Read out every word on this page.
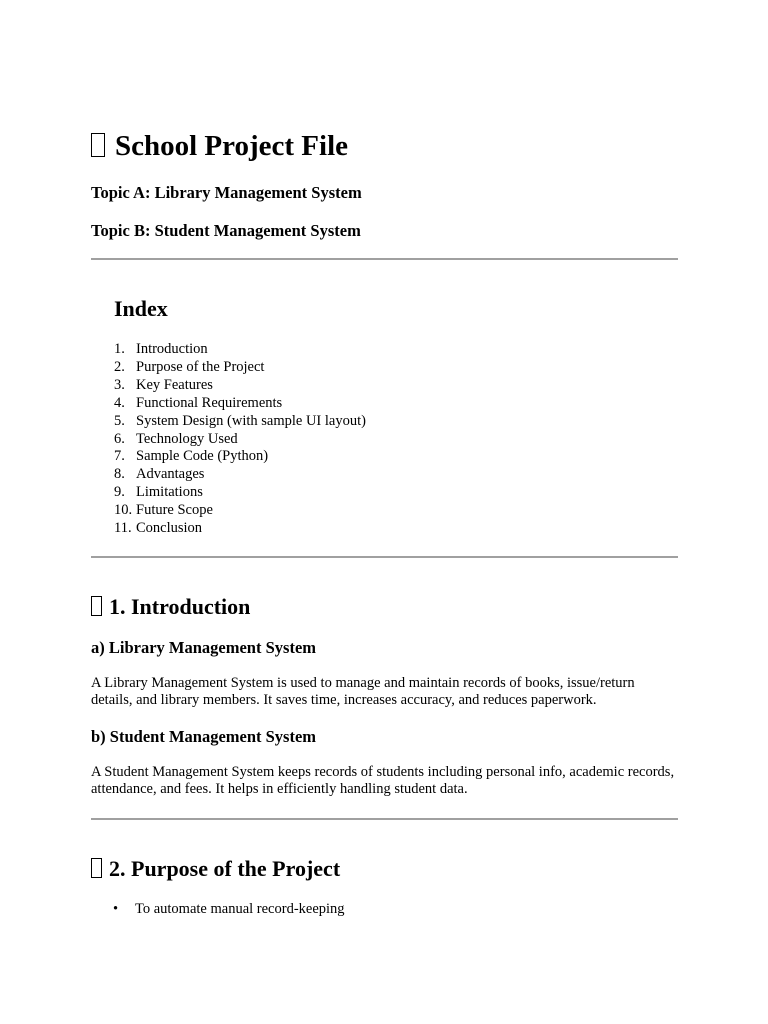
School Project File
Topic A: Library Management System
Topic B: Student Management System
Index
1. Introduction
2. Purpose of the Project
3. Key Features
4. Functional Requirements
5. System Design (with sample UI layout)
6. Technology Used
7. Sample Code (Python)
8. Advantages
9. Limitations
10. Future Scope
11. Conclusion
1. Introduction
a) Library Management System

A Library Management System is used to manage and maintain records of books, issue/return details, and library members. It saves time, increases accuracy, and reduces paperwork.

b) Student Management System

A Student Management System keeps records of students including personal info, academic records, attendance, and fees. It helps in efficiently handling student data.

2. Purpose of the Project
•	To automate manual record-keeping
